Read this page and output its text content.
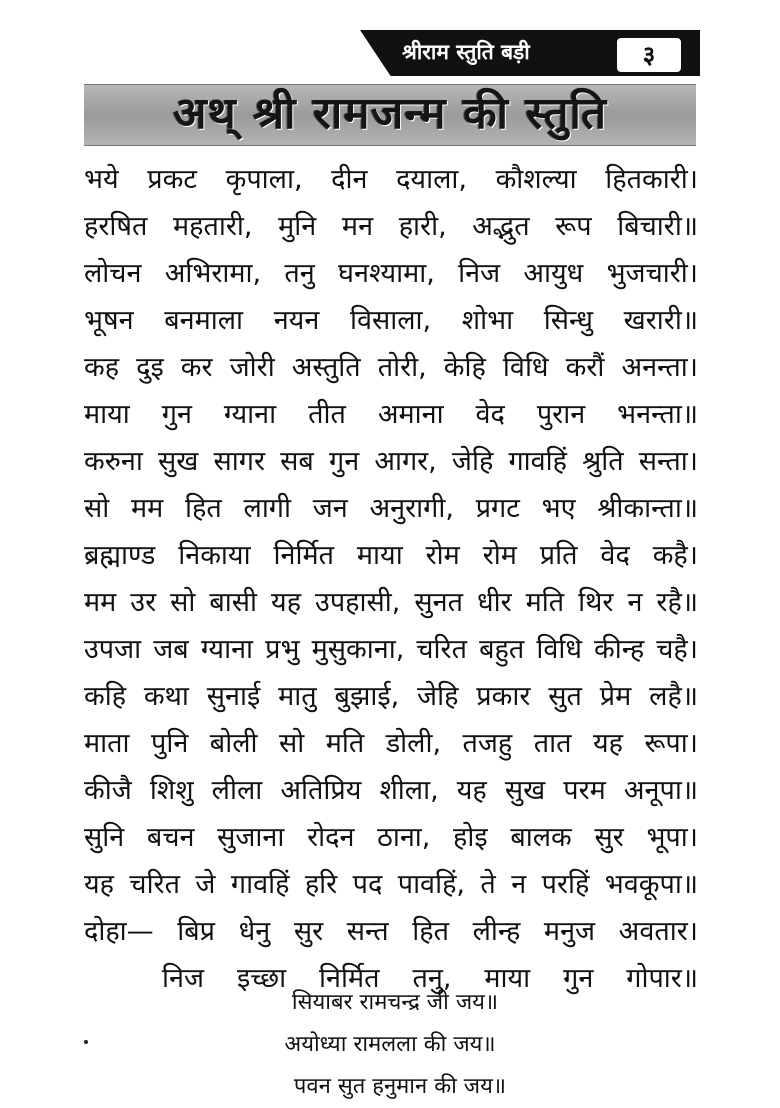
श्रीराम स्तुति बड़ी	३
अथ् श्री रामजन्म की स्तुति
भये प्रकट कृपाला, दीन दयाला, कौशल्या हितकारी।
हरषित महतारी, मुनि मन हारी, अद्भुत रूप बिचारी॥
लोचन अभिरामा, तनु घनश्यामा, निज आयुध भुजचारी।
भूषन बनमाला नयन विसाला, शोभा सिन्धु खरारी॥
कह दुइ कर जोरी अस्तुति तोरी, केहि विधि करौं अनन्ता।
माया गुन ग्याना तीत अमाना वेद पुरान भनन्ता॥
करुना सुख सागर सब गुन आगर, जेहि गावहिं श्रुति सन्ता।
सो मम हित लागी जन अनुरागी, प्रगट भए श्रीकान्ता॥
ब्रह्माण्ड निकाया निर्मित माया रोम रोम प्रति वेद कहै।
मम उर सो बासी यह उपहासी, सुनत धीर मति थिर न रहै॥
उपजा जब ग्याना प्रभु मुसुकाना, चरित बहुत विधि कीन्ह चहै।
कहि कथा सुनाई मातु बुझाई, जेहि प्रकार सुत प्रेम लहै॥
माता पुनि बोली सो मति डोली, तजहु तात यह रूपा।
कीजै शिशु लीला अतिप्रिय शीला, यह सुख परम अनूपा॥
सुनि बचन सुजाना रोदन ठाना, होइ बालक सुर भूपा।
यह चरित जे गावहिं हरि पद पावहिं, ते न परहिं भवकूपा॥
दोहा— बिप्र धेनु सुर सन्त हित लीन्ह मनुज अवतार।
निज इच्छा निर्मित तनु, माया गुन गोपार॥
सियाबर रामचन्द्र जी जय॥
अयोध्या रामलला की जय॥
पवन सुत हनुमान की जय॥
